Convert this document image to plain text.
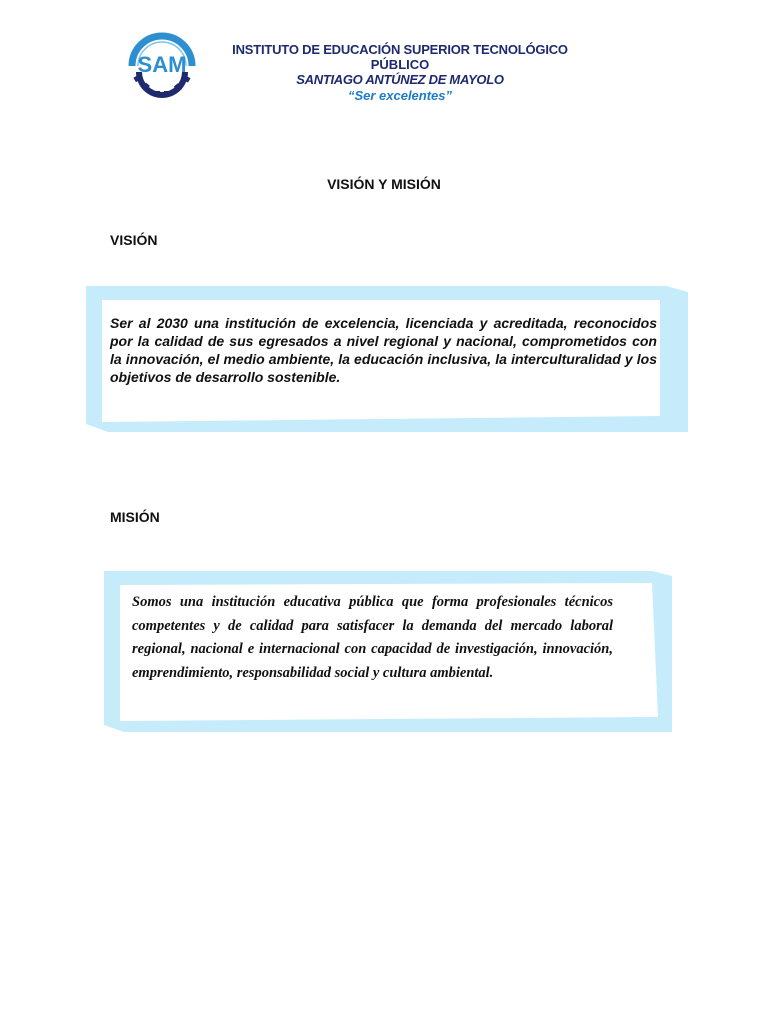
SAM
INSTITUTO DE EDUCACIÓN SUPERIOR TECNOLÓGICO
PÚBLICO
SANTIAGO ANTÚNEZ DE MAYOLO
“Ser excelentes”
VISIÓN Y MISIÓN
VISIÓN
Ser al 2030 una institución de excelencia, licenciada y acreditada, reconocidos por la calidad de sus egresados a nivel regional y nacional, comprometidos con la innovación, el medio ambiente, la educación inclusiva, la interculturalidad y los objetivos de desarrollo sostenible.
MISIÓN
Somos una institución educativa pública que forma profesionales técnicos competentes y de calidad para satisfacer la demanda del mercado laboral regional, nacional e internacional con capacidad de investigación, innovación, emprendimiento, responsabilidad social y cultura ambiental.
